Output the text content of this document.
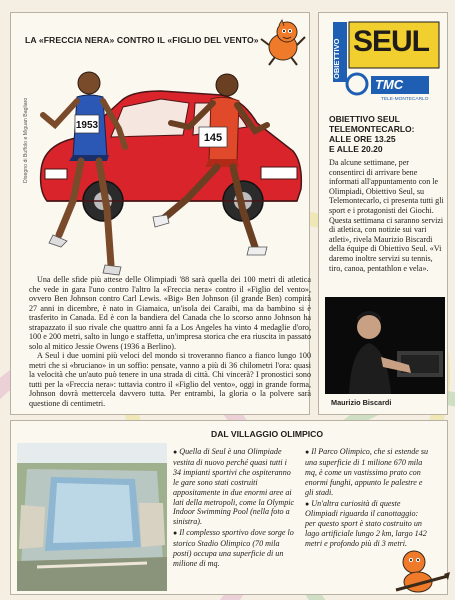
LA «FRECCIA NERA» CONTRO IL «FIGLIO DEL VENTO»
1953
145
Disegno di Buffolo e Miguan Bagliaro

Una delle sfide più attese delle Olimpiadi '88 sarà quella dei 100 metri di atletica che vede in gara l'uno contro l'altro la «Freccia nera» contro il «Figlio del vento», ovvero Ben Johnson contro Carl Lewis. «Big» Ben Johnson (il grande Ben) compirà 27 anni in dicembre, è nato in Giamaica, un'isola dei Caraibi, ma da bambino si è trasferito in Canada. Ed è con la bandiera del Canada che lo scorso anno Johnson ha strapazzato il suo rivale che quattro anni fa a Los Angeles ha vinto 4 medaglie d'oro, 100 e 200 metri, salto in lungo e staffetta, un'impresa storica che era riuscita in passato solo al mitico Jessie Owens (1936 a Berlino).

A Seul i due uomini più veloci del mondo si troveranno fianco a fianco lungo 100 metri che si «bruciano» in un soffio: pensate, vanno a più di 36 chilometri l'ora: quasi la velocità che un'auto può tenere in una strada di città. Chi vincerà? I pronostici sono tutti per la «Freccia nera»: tuttavia contro il «Figlio del vento», oggi in grande forma, Johnson dovrà mettercela davvero tutta. Per entrambi, la gloria o la polvere sarà questione di centimetri.

OBIETTIVO SEUL
TMC
TELE-MONTECARLO
OBIETTIVO SEUL
TELEMONTECARLO:
ALLE ORE 13.25
E ALLE 20.20
Da alcune settimane, per consentirci di arrivare bene informati all'appuntamento con le Olimpiadi, Obiettivo Seul, su Telemontecarlo, ci presenta tutti gli sport e i protagonisti dei Giochi. Questa settimana ci saranno servizi di atletica, con notizie sui vari atleti», rivela Maurizio Biscardi della équipe di Obiettivo Seul. «Vi daremo inoltre servizi su tennis, tiro, canoa, pentathlon e vela».
Maurizio Biscardi
DAL VILLAGGIO OLIMPICO

● Quella di Seul è una Olimpiade vestita di nuovo perché quasi tutti i 34 impianti sportivi che ospiteranno le gare sono stati costruiti appositamente in due enormi aree ai lati della metropoli, come la Olympic Indoor Swimming Pool (nella foto a sinistra).

● Il complesso sportivo dove sorge lo storico Stadio Olimpico (70 mila posti) occupa una superficie di un milione di mq.

● Il Parco Olimpico, che si estende su una superficie di 1 milione 670 mila mq, è come un vastissimo prato con enormi funghi, appunto le palestre e gli stadi.

● Un'altra curiosità di queste Olimpiadi riguarda il canottaggio: per questo sport è stato costruito un lago artificiale lungo 2 km, largo 142 metri e profondo più di 3 metri.
